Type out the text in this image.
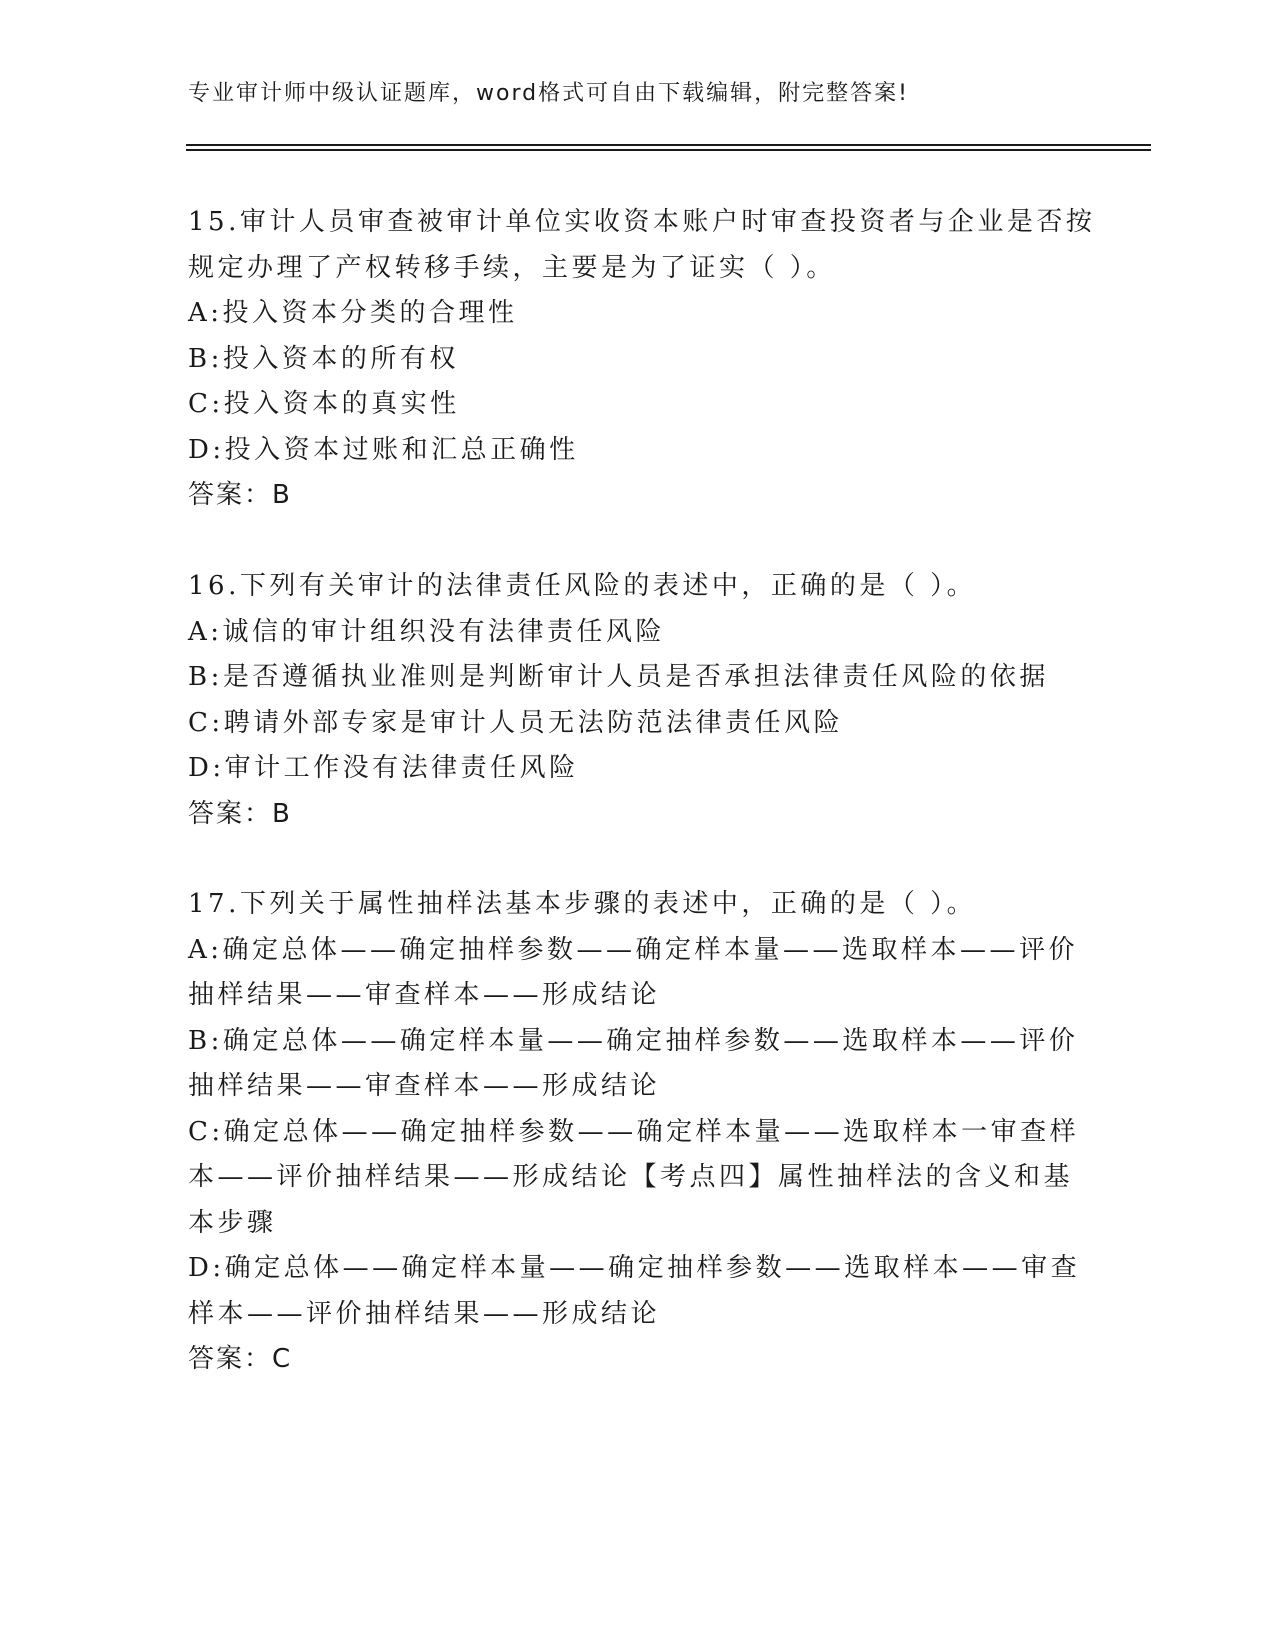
专业审计师中级认证题库，word格式可自由下载编辑，附完整答案!
15.审计人员审查被审计单位实收资本账户时审查投资者与企业是否按
规定办理了产权转移手续，主要是为了证实（ ）。
A:投入资本分类的合理性
B:投入资本的所有权
C:投入资本的真实性
D:投入资本过账和汇总正确性
答案：B
16.下列有关审计的法律责任风险的表述中，正确的是（ ）。
A:诚信的审计组织没有法律责任风险
B:是否遵循执业准则是判断审计人员是否承担法律责任风险的依据
C:聘请外部专家是审计人员无法防范法律责任风险
D:审计工作没有法律责任风险
答案：B
17.下列关于属性抽样法基本步骤的表述中，正确的是（ ）。
A:确定总体——确定抽样参数——确定样本量——选取样本——评价
抽样结果——审查样本——形成结论
B:确定总体——确定样本量——确定抽样参数——选取样本——评价
抽样结果——审查样本——形成结论
C:确定总体——确定抽样参数——确定样本量——选取样本一审查样
本——评价抽样结果——形成结论【考点四】属性抽样法的含义和基
本步骤
D:确定总体——确定样本量——确定抽样参数——选取样本——审查
样本——评价抽样结果——形成结论
答案：C
